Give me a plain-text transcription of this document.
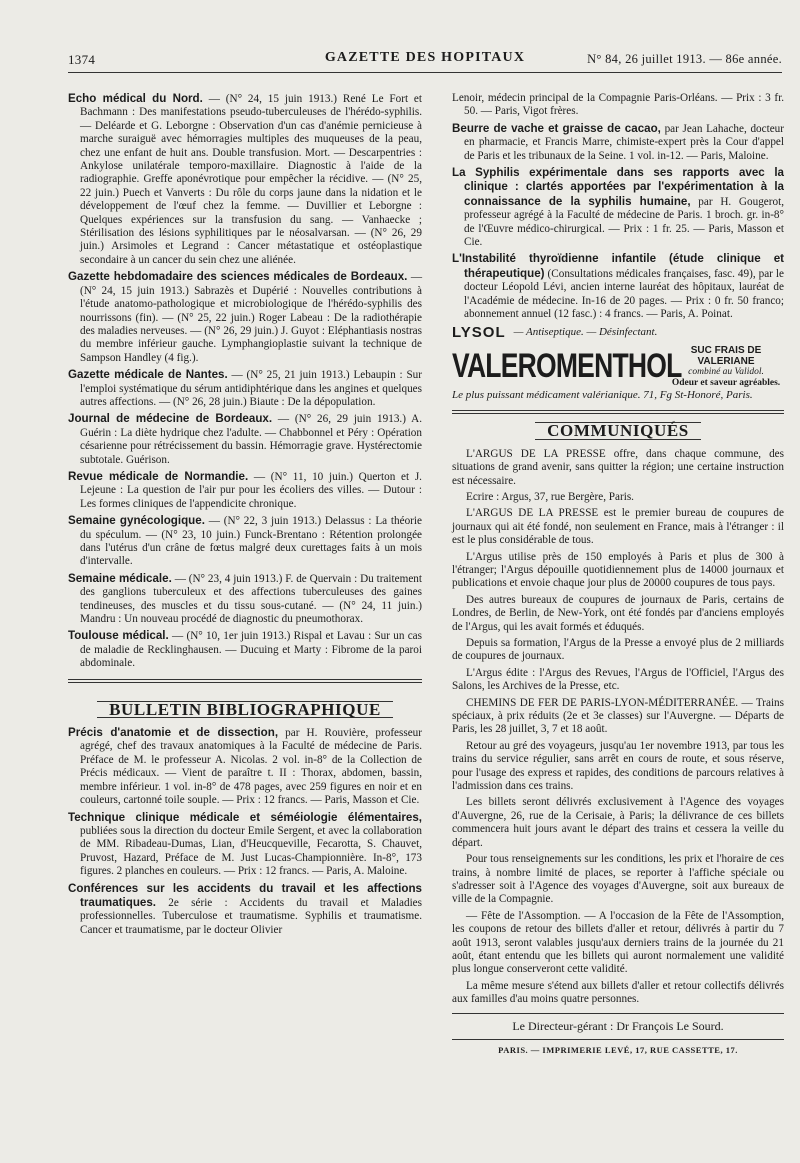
1374	GAZETTE DES HOPITAUX	N° 84, 26 juillet 1913. — 86e année.

Echo médical du Nord. — (N° 24, 15 juin 1913.) René Le Fort et Bachmann : Des manifestations pseudo-tuberculeuses de l'hérédo-syphilis. — Deléarde et G. Leborgne : Observation d'un cas d'anémie pernicieuse à marche suraiguë avec hémorragies multiples des muqueuses de la peau, chez une enfant de huit ans. Double transfusion. Mort. — Descarpentries : Ankylose unilatérale temporo-maxillaire. Diagnostic à l'aide de la radiographie. Greffe aponévrotique pour empêcher la récidive. — (N° 25, 22 juin.) Puech et Vanverts : Du rôle du corps jaune dans la nidation et le développement de l'œuf chez la femme. — Duvillier et Leborgne : Quelques expériences sur la transfusion du sang. — Vanhaecke ; Stérilisation des lésions syphilitiques par le néosalvarsan. — (N° 26, 29 juin.) Arsimoles et Legrand : Cancer métastatique et ostéoplastique secondaire à un cancer du sein chez une aliénée.

Gazette hebdomadaire des sciences médicales de Bordeaux. — (N° 24, 15 juin 1913.) Sabrazès et Dupérié : Nouvelles contributions à l'étude anatomo-pathologique et microbiologique de l'hérédo-syphilis des nourrissons (fin). — (N° 25, 22 juin.) Roger Labeau : De la radiothérapie des maladies nerveuses. — (N° 26, 29 juin.) J. Guyot : Eléphantiasis nostras du membre inférieur gauche. Lymphangioplastie suivant la technique de Sampson Handley (4 fig.).

Gazette médicale de Nantes. — (N° 25, 21 juin 1913.) Lebaupin : Sur l'emploi systématique du sérum antidiphtérique dans les angines et quelques autres affections. — (N° 26, 28 juin.) Biaute : De la dépopulation.

Journal de médecine de Bordeaux. — (N° 26, 29 juin 1913.) A. Guérin : La diète hydrique chez l'adulte. — Chabbonnel et Péry : Opération césarienne pour rétrécissement du bassin. Hémorragie grave. Hystérectomie subtotale. Guérison.

Revue médicale de Normandie. — (N° 11, 10 juin.) Querton et J. Lejeune : La question de l'air pur pour les écoliers des villes. — Dutour : Les formes cliniques de l'appendicite chronique.

Semaine gynécologique. — (N° 22, 3 juin 1913.) Delassus : La théorie du spéculum. — (N° 23, 10 juin.) Funck-Brentano : Rétention prolongée dans l'utérus d'un crâne de fœtus malgré deux curettages faits à un mois d'intervalle.

Semaine médicale. — (N° 23, 4 juin 1913.) F. de Quervain : Du traitement des ganglions tuberculeux et des affections tuberculeuses des gaines tendineuses, des muscles et du tissu sous-cutané. — (N° 24, 11 juin.) Mandru : Un nouveau procédé de diagnostic du pneumothorax.

Toulouse médical. — (N° 10, 1er juin 1913.) Rispal et Lavau : Sur un cas de maladie de Recklinghausen. — Ducuing et Marty : Fibrome de la paroi abdominale.

BULLETIN BIBLIOGRAPHIQUE

Précis d'anatomie et de dissection, par H. Rouvière, professeur agrégé, chef des travaux anatomiques à la Faculté de médecine de Paris. Préface de M. le professeur A. Nicolas. 2 vol. in-8° de la Collection de Précis médicaux. — Vient de paraître t. II : Thorax, abdomen, bassin, membre inférieur. 1 vol. in-8° de 478 pages, avec 259 figures en noir et en couleurs, cartonné toile souple. — Prix : 12 francs. — Paris, Masson et Cie.

Technique clinique médicale et séméiologie élémentaires, publiées sous la direction du docteur Emile Sergent, et avec la collaboration de MM. Ribadeau-Dumas, Lian, d'Heucqueville, Fecarotta, S. Chauvet, Pruvost, Hazard, Préface de M. Just Lucas-Championnière. In-8°, 173 figures. 2 planches en couleurs. — Prix : 12 francs. — Paris, A. Maloine.

Conférences sur les accidents du travail et les affections traumatiques. 2e série : Accidents du travail et Maladies professionnelles. Tuberculose et traumatisme. Syphilis et traumatisme. Cancer et traumatisme, par le docteur Olivier

Lenoir, médecin principal de la Compagnie Paris-Orléans. — Prix : 3 fr. 50. — Paris, Vigot frères.

Beurre de vache et graisse de cacao, par Jean Lahache, docteur en pharmacie, et Francis Marre, chimiste-expert près la Cour d'appel de Paris et les tribunaux de la Seine. 1 vol. in-12. — Paris, Maloine.

La Syphilis expérimentale dans ses rapports avec la clinique : clartés apportées par l'expérimentation à la connaissance de la syphilis humaine, par H. Gougerot, professeur agrégé à la Faculté de médecine de Paris. 1 broch. gr. in-8° de l'Œuvre médico-chirurgical. — Prix : 1 fr. 25. — Paris, Masson et Cie.

L'Instabilité thyroïdienne infantile (étude clinique et thérapeutique) (Consultations médicales françaises, fasc. 49), par le docteur Léopold Lévi, ancien interne lauréat des hôpitaux, lauréat de l'Académie de médecine. In-16 de 20 pages. — Prix : 0 fr. 50 franco; abonnement annuel (12 fasc.) : 4 francs. — Paris, A. Poinat.

LYSOL — Antiseptique. — Désinfectant.
VALEROMENTHOL SUC FRAIS DE VALERIANE
combiné au Validol.
Odeur et saveur agréables.
Le plus puissant médicament valérianique. 71, Fg St-Honoré, Paris.
COMMUNIQUÉS

L'ARGUS DE LA PRESSE offre, dans chaque commune, des situations de grand avenir, sans quitter la région; une certaine instruction est nécessaire.

Ecrire : Argus, 37, rue Bergère, Paris.

L'ARGUS DE LA PRESSE est le premier bureau de coupures de journaux qui ait été fondé, non seulement en France, mais à l'étranger : il est le plus considérable de tous.

L'Argus utilise près de 150 employés à Paris et plus de 300 à l'étranger; l'Argus dépouille quotidiennement plus de 14000 journaux et publications et envoie chaque jour plus de 20000 coupures de tous pays.

Des autres bureaux de coupures de journaux de Paris, certains de Londres, de Berlin, de New-York, ont été fondés par d'anciens employés de l'Argus, qui les avait formés et éduqués.

Depuis sa formation, l'Argus de la Presse a envoyé plus de 2 milliards de coupures de journaux.

L'Argus édite : l'Argus des Revues, l'Argus de l'Officiel, l'Argus des Salons, les Archives de la Presse, etc.

CHEMINS DE FER DE PARIS-LYON-MÉDITERRANÉE. — Trains spéciaux, à prix réduits (2e et 3e classes) sur l'Auvergne. — Départs de Paris, les 28 juillet, 3, 7 et 18 août.

Retour au gré des voyageurs, jusqu'au 1er novembre 1913, par tous les trains du service régulier, sans arrêt en cours de route, et sous réserve, pour l'usage des express et rapides, des conditions de parcours relatives à l'admission dans ces trains.

Les billets seront délivrés exclusivement à l'Agence des voyages d'Auvergne, 26, rue de la Cerisaie, à Paris; la délivrance de ces billets commencera huit jours avant le départ des trains et cessera la veille du départ.

Pour tous renseignements sur les conditions, les prix et l'horaire de ces trains, à nombre limité de places, se reporter à l'affiche spéciale ou s'adresser soit à l'Agence des voyages d'Auvergne, soit aux bureaux de ville de la Compagnie.

— Fête de l'Assomption. — A l'occasion de la Fête de l'Assomption, les coupons de retour des billets d'aller et retour, délivrés à partir du 7 août 1913, seront valables jusqu'aux derniers trains de la journée du 21 août, étant entendu que les billets qui auront normalement une validité plus longue conserveront cette validité.

La même mesure s'étend aux billets d'aller et retour collectifs délivrés aux familles d'au moins quatre personnes.

Le Directeur-gérant : Dr François Le Sourd.
PARIS. — IMPRIMERIE LEVÉ, 17, RUE CASSETTE, 17.
